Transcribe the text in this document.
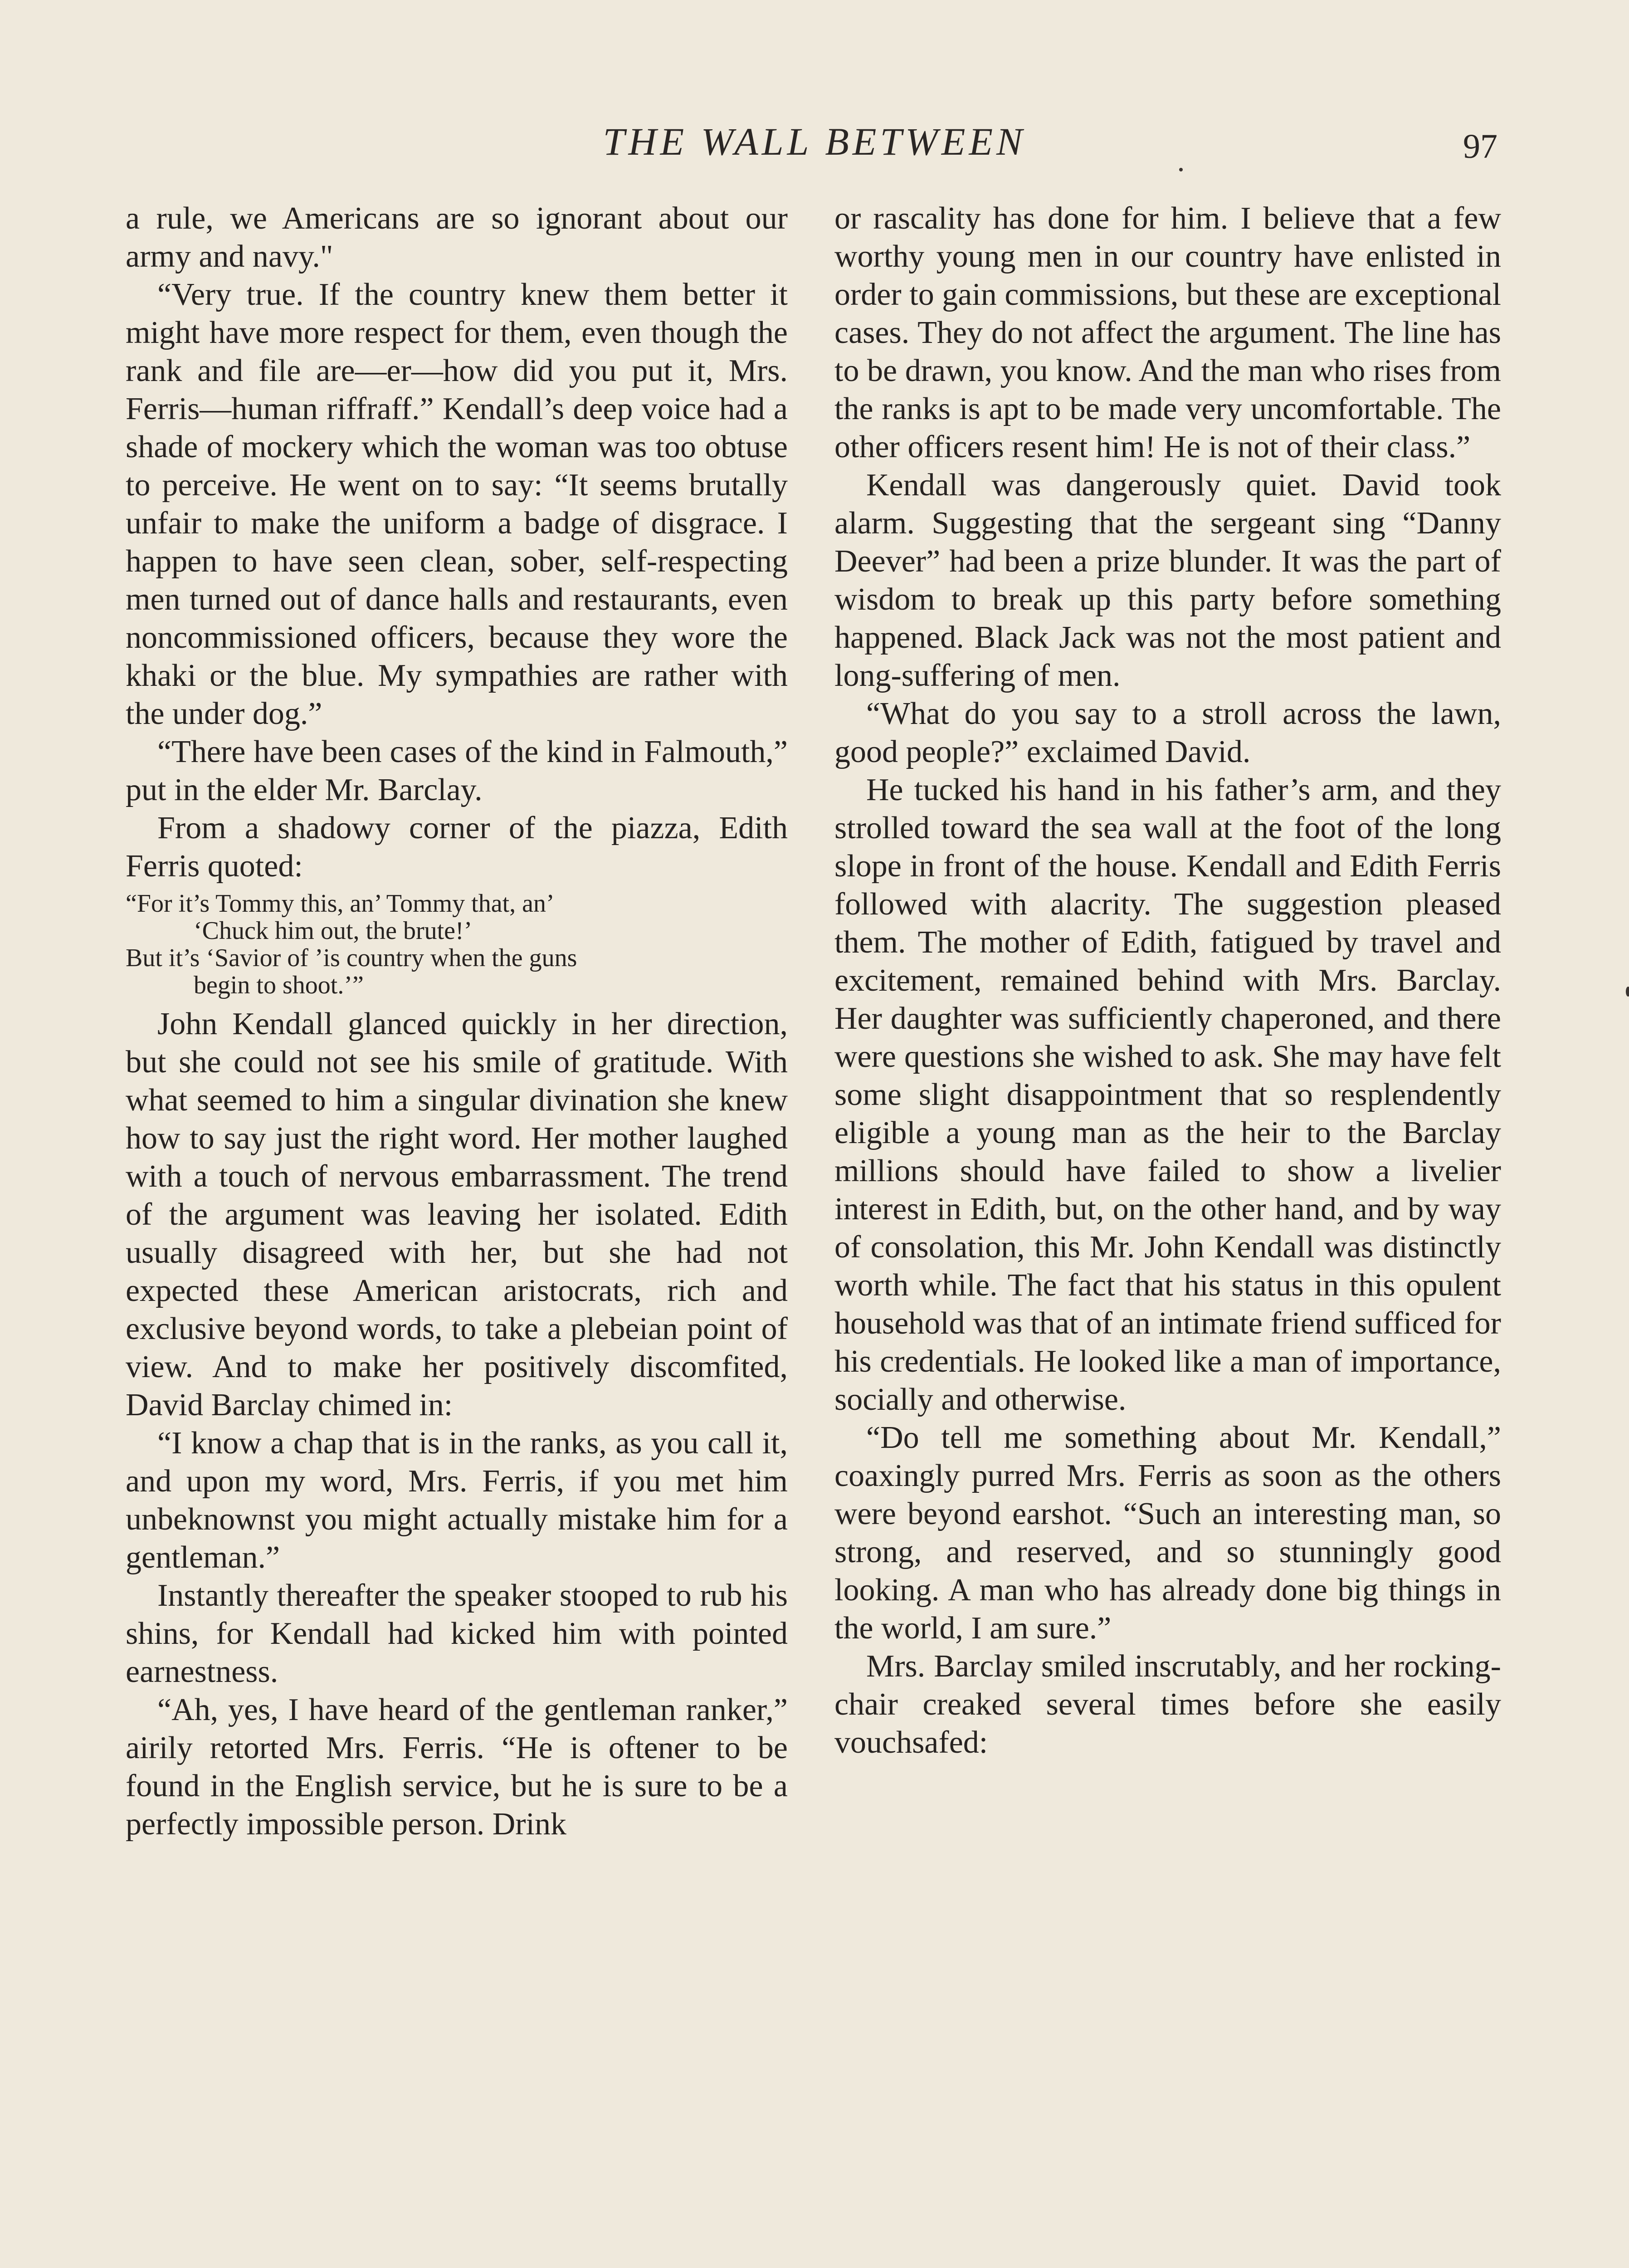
THE WALL BETWEEN	97

a rule, we Americans are so ignorant about our army and navy."

“Very true. If the country knew them better it might have more respect for them, even though the rank and file are—er—how did you put it, Mrs. Ferris—human riffraff.” Kendall’s deep voice had a shade of mockery which the woman was too obtuse to perceive. He went on to say: “It seems brutally unfair to make the uniform a badge of disgrace. I happen to have seen clean, sober, self-respecting men turned out of dance halls and restaurants, even noncommissioned officers, because they wore the khaki or the blue. My sympathies are rather with the under dog.”

“There have been cases of the kind in Falmouth,” put in the elder Mr. Barclay.

From a shadowy corner of the piazza, Edith Ferris quoted:

“For it’s Tommy this, an’ Tommy that, an’
‘Chuck him out, the brute!’
But it’s ‘Savior of ’is country when the guns
begin to shoot.’”

John Kendall glanced quickly in her direction, but she could not see his smile of gratitude. With what seemed to him a singular divination she knew how to say just the right word. Her mother laughed with a touch of nervous embarrassment. The trend of the argument was leaving her isolated. Edith usually disagreed with her, but she had not expected these American aristocrats, rich and exclusive beyond words, to take a plebeian point of view. And to make her positively discomfited, David Barclay chimed in:

“I know a chap that is in the ranks, as you call it, and upon my word, Mrs. Ferris, if you met him unbeknownst you might actually mistake him for a gentleman.”

Instantly thereafter the speaker stooped to rub his shins, for Kendall had kicked him with pointed earnestness.

“Ah, yes, I have heard of the gentleman ranker,” airily retorted Mrs. Ferris. “He is oftener to be found in the English service, but he is sure to be a perfectly impossible person. Drink

or rascality has done for him. I believe that a few worthy young men in our country have enlisted in order to gain commissions, but these are exceptional cases. They do not affect the argument. The line has to be drawn, you know. And the man who rises from the ranks is apt to be made very uncomfortable. The other officers resent him! He is not of their class.”

Kendall was dangerously quiet. David took alarm. Suggesting that the sergeant sing “Danny Deever” had been a prize blunder. It was the part of wisdom to break up this party before something happened. Black Jack was not the most patient and long-suffering of men.

“What do you say to a stroll across the lawn, good people?” exclaimed David.

He tucked his hand in his father’s arm, and they strolled toward the sea wall at the foot of the long slope in front of the house. Kendall and Edith Ferris followed with alacrity. The suggestion pleased them. The mother of Edith, fatigued by travel and excitement, remained behind with Mrs. Barclay. Her daughter was sufficiently chaperoned, and there were questions she wished to ask. She may have felt some slight disappointment that so resplendently eligible a young man as the heir to the Barclay millions should have failed to show a livelier interest in Edith, but, on the other hand, and by way of consolation, this Mr. John Kendall was distinctly worth while. The fact that his status in this opulent household was that of an intimate friend sufficed for his credentials. He looked like a man of importance, socially and otherwise.

“Do tell me something about Mr. Kendall,” coaxingly purred Mrs. Ferris as soon as the others were beyond earshot. “Such an interesting man, so strong, and reserved, and so stunningly good looking. A man who has already done big things in the world, I am sure.”

Mrs. Barclay smiled inscrutably, and her rocking-chair creaked several times before she easily vouchsafed:
